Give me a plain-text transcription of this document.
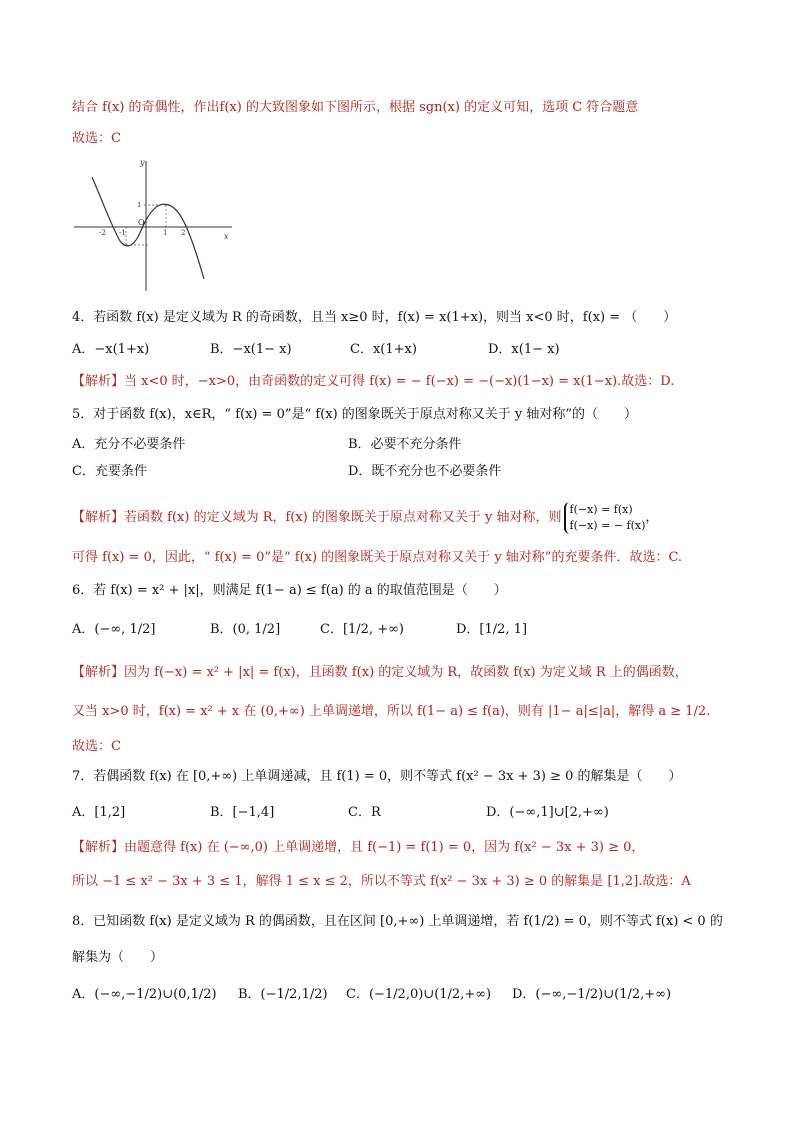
结合 f(x) 的奇偶性，作出f(x) 的大致图象如下图所示，根据 sgn(x) 的定义可知，选项 C 符合题意
故选：C
x
y
O
-2 -1	1 2
1
4．若函数 f(x) 是定义域为 R 的奇函数，且当 x≥0 时，f(x) = x(1+x)，则当 x<0 时，f(x) = （　　）
A．−x(1+x)	B．−x(1− x)	C．x(1+x)	D．x(1− x)
【解析】当 x<0 时，−x>0，由奇函数的定义可得 f(x) = − f(−x) = −(−x)(1−x) = x(1−x).故选：D.
5．对于函数 f(x)，x∈R，“ f(x) = 0”是“ f(x) 的图象既关于原点对称又关于 y 轴对称”的（　　）
A．充分不必要条件	B．必要不充分条件
C．充要条件	D．既不充分也不必要条件
【解析】若函数 f(x) 的定义域为 R，f(x) 的图象既关于原点对称又关于 y 轴对称，则
f(−x) = f(x)
f(−x) = − f(x) ，
可得 f(x) = 0，因此，“ f(x) = 0”是“ f(x) 的图象既关于原点对称又关于 y 轴对称”的充要条件．故选：C.
6．若 f(x) = x² + |x|，则满足 f(1− a) ≤ f(a) 的 a 的取值范围是（　　）
A．(−∞, 1/2]	B．(0, 1/2]	C．[1/2, +∞)	D．[1/2, 1]
【解析】因为 f(−x) = x² + |x| = f(x)，且函数 f(x) 的定义域为 R，故函数 f(x) 为定义域 R 上的偶函数，
又当 x>0 时，f(x) = x² + x 在 (0,+∞) 上单调递增，所以 f(1− a) ≤ f(a)，则有 |1− a|≤|a|，解得 a ≥ 1/2.
故选：C
7．若偶函数 f(x) 在 [0,+∞) 上单调递减，且 f(1) = 0，则不等式 f(x² − 3x + 3) ≥ 0 的解集是（　　）
A．[1,2]	B．[−1,4]	C．R	D．(−∞,1]∪[2,+∞)
【解析】由题意得 f(x) 在 (−∞,0) 上单调递增，且 f(−1) = f(1) = 0，因为 f(x² − 3x + 3) ≥ 0，
所以 −1 ≤ x² − 3x + 3 ≤ 1，解得 1 ≤ x ≤ 2，所以不等式 f(x² − 3x + 3) ≥ 0 的解集是 [1,2].故选：A
8．已知函数 f(x) 是定义域为 R 的偶函数，且在区间 [0,+∞) 上单调递增，若 f(1/2) = 0，则不等式 f(x) < 0 的
解集为（　　）
A．(−∞,−1/2)∪(0,1/2) B．(−1/2,1/2) C．(−1/2,0)∪(1/2,+∞) D．(−∞,−1/2)∪(1/2,+∞)
